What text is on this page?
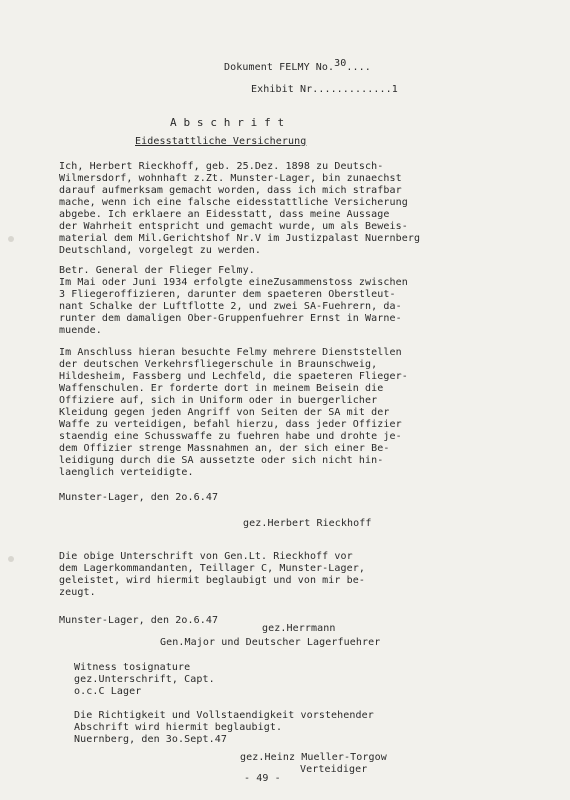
Dokument FELMY No.30....
Exhibit Nr.............1
A b s c h r i f t
Eidesstattliche Versicherung
Ich, Herbert Rieckhoff, geb. 25.Dez. 1898 zu Deutsch-
Wilmersdorf, wohnhaft z.Zt. Munster-Lager, bin zunaechst
darauf aufmerksam gemacht worden, dass ich mich strafbar
mache, wenn ich eine falsche eidesstattliche Versicherung
abgebe. Ich erklaere an Eidesstatt, dass meine Aussage
der Wahrheit entspricht und gemacht wurde, um als Beweis-
material dem Mil.Gerichtshof Nr.V im Justizpalast Nuernberg
Deutschland, vorgelegt zu werden.
Betr. General der Flieger Felmy.
Im Mai oder Juni 1934 erfolgte eineZusammenstoss zwischen
3 Fliegeroffizieren, darunter dem spaeteren Oberstleut-
nant Schalke der Luftflotte 2, und zwei SA-Fuehrern, da-
runter dem damaligen Ober-Gruppenfuehrer Ernst in Warne-
muende.
Im Anschluss hieran besuchte Felmy mehrere Dienststellen
der deutschen Verkehrsfliegerschule in Braunschweig,
Hildesheim, Fassberg und Lechfeld, die spaeteren Flieger-
Waffenschulen. Er forderte dort in meinem Beisein die
Offiziere auf, sich in Uniform oder in buergerlicher
Kleidung gegen jeden Angriff von Seiten der SA mit der
Waffe zu verteidigen, befahl hierzu, dass jeder Offizier
staendig eine Schusswaffe zu fuehren habe und drohte je-
dem Offizier strenge Massnahmen an, der sich einer Be-
leidigung durch die SA aussetzte oder sich nicht hin-
laenglich verteidigte.
Munster-Lager, den 2o.6.47
gez.Herbert Rieckhoff
Die obige Unterschrift von Gen.Lt. Rieckhoff vor
dem Lagerkommandanten, Teillager C, Munster-Lager,
geleistet, wird hiermit beglaubigt und von mir be-
zeugt.
Munster-Lager, den 2o.6.47
gez.Herrmann
Gen.Major und Deutscher Lagerfuehrer
Witness tosignature
gez.Unterschrift, Capt.
o.c.C Lager
Die Richtigkeit und Vollstaendigkeit vorstehender
Abschrift wird hiermit beglaubigt.
Nuernberg, den 3o.Sept.47
gez.Heinz Mueller-Torgow
Verteidiger
- 49 -
